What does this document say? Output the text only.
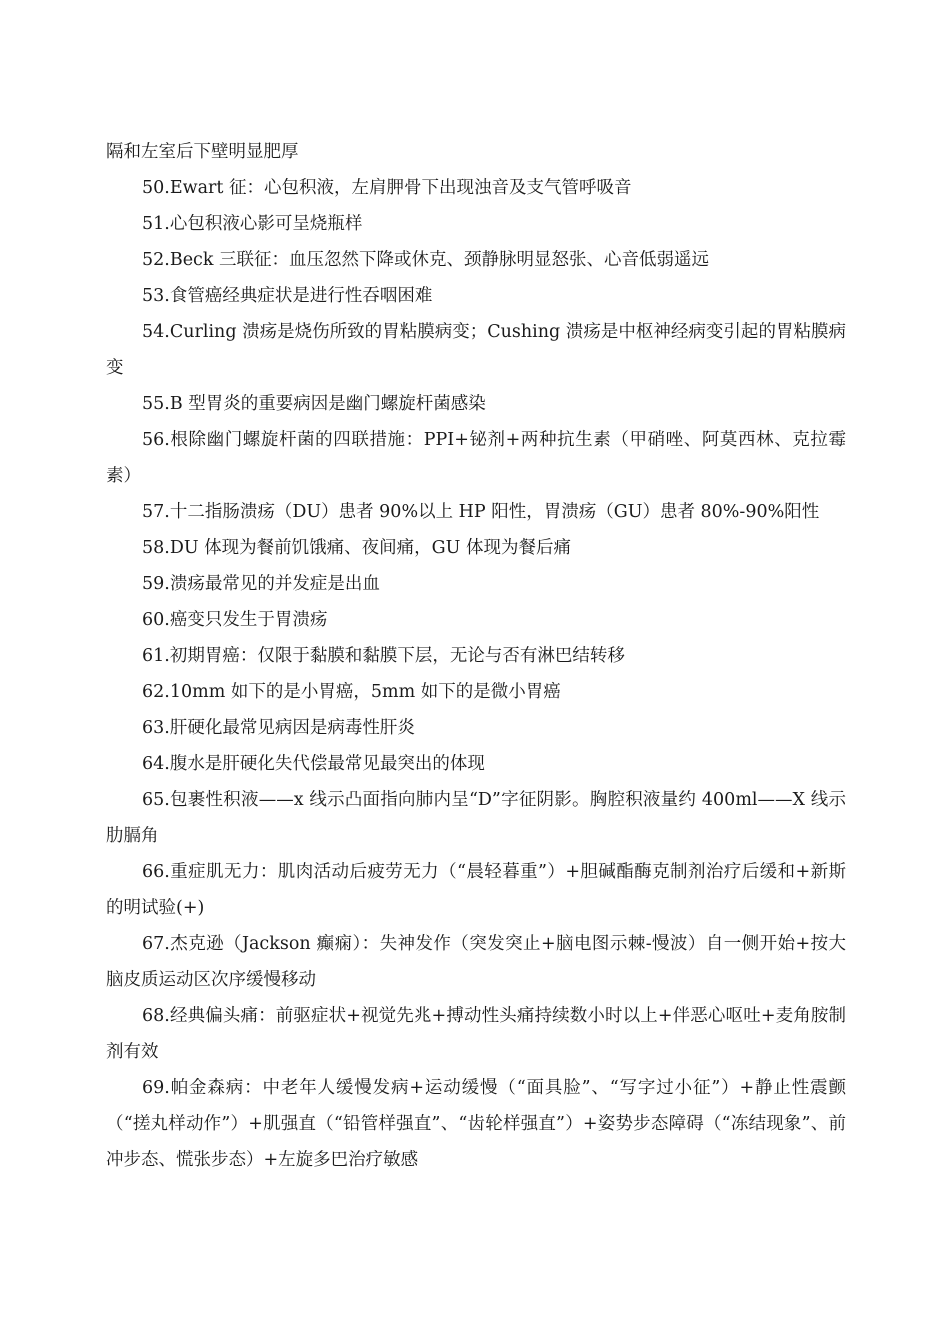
隔和左室后下壁明显肥厚

50.Ewart 征：心包积液，左肩胛骨下出现浊音及支气管呼吸音

51.心包积液心影可呈烧瓶样

52.Beck 三联征：血压忽然下降或休克、颈静脉明显怒张、心音低弱遥远

53.食管癌经典症状是进行性吞咽困难

54.Curling 溃疡是烧伤所致的胃粘膜病变；Cushing 溃疡是中枢神经病变引起的胃粘膜病变

55.B 型胃炎的重要病因是幽门螺旋杆菌感染

56.根除幽门螺旋杆菌的四联措施：PPI+铋剂+两种抗生素（甲硝唑、阿莫西林、克拉霉素）

57.十二指肠溃疡（DU）患者 90%以上 HP 阳性，胃溃疡（GU）患者 80%-90%阳性

58.DU 体现为餐前饥饿痛、夜间痛，GU 体现为餐后痛

59.溃疡最常见的并发症是出血

60.癌变只发生于胃溃疡

61.初期胃癌：仅限于黏膜和黏膜下层，无论与否有淋巴结转移

62.10mm 如下的是小胃癌，5mm 如下的是微小胃癌

63.肝硬化最常见病因是病毒性肝炎

64.腹水是肝硬化失代偿最常见最突出的体现

65.包裹性积液——x 线示凸面指向肺内呈“D”字征阴影。胸腔积液量约 400ml——X 线示肋膈角

66.重症肌无力：肌肉活动后疲劳无力（“晨轻暮重”）+胆碱酯酶克制剂治疗后缓和+新斯的明试验(+)

67.杰克逊（Jackson 癫痫）：失神发作（突发突止+脑电图示棘-慢波）自一侧开始+按大脑皮质运动区次序缓慢移动

68.经典偏头痛：前驱症状+视觉先兆+搏动性头痛持续数小时以上+伴恶心呕吐+麦角胺制剂有效

69.帕金森病：中老年人缓慢发病+运动缓慢（“面具脸”、“写字过小征”）+静止性震颤（“搓丸样动作”）+肌强直（“铅管样强直”、“齿轮样强直”）+姿势步态障碍（“冻结现象”、前冲步态、慌张步态）+左旋多巴治疗敏感
